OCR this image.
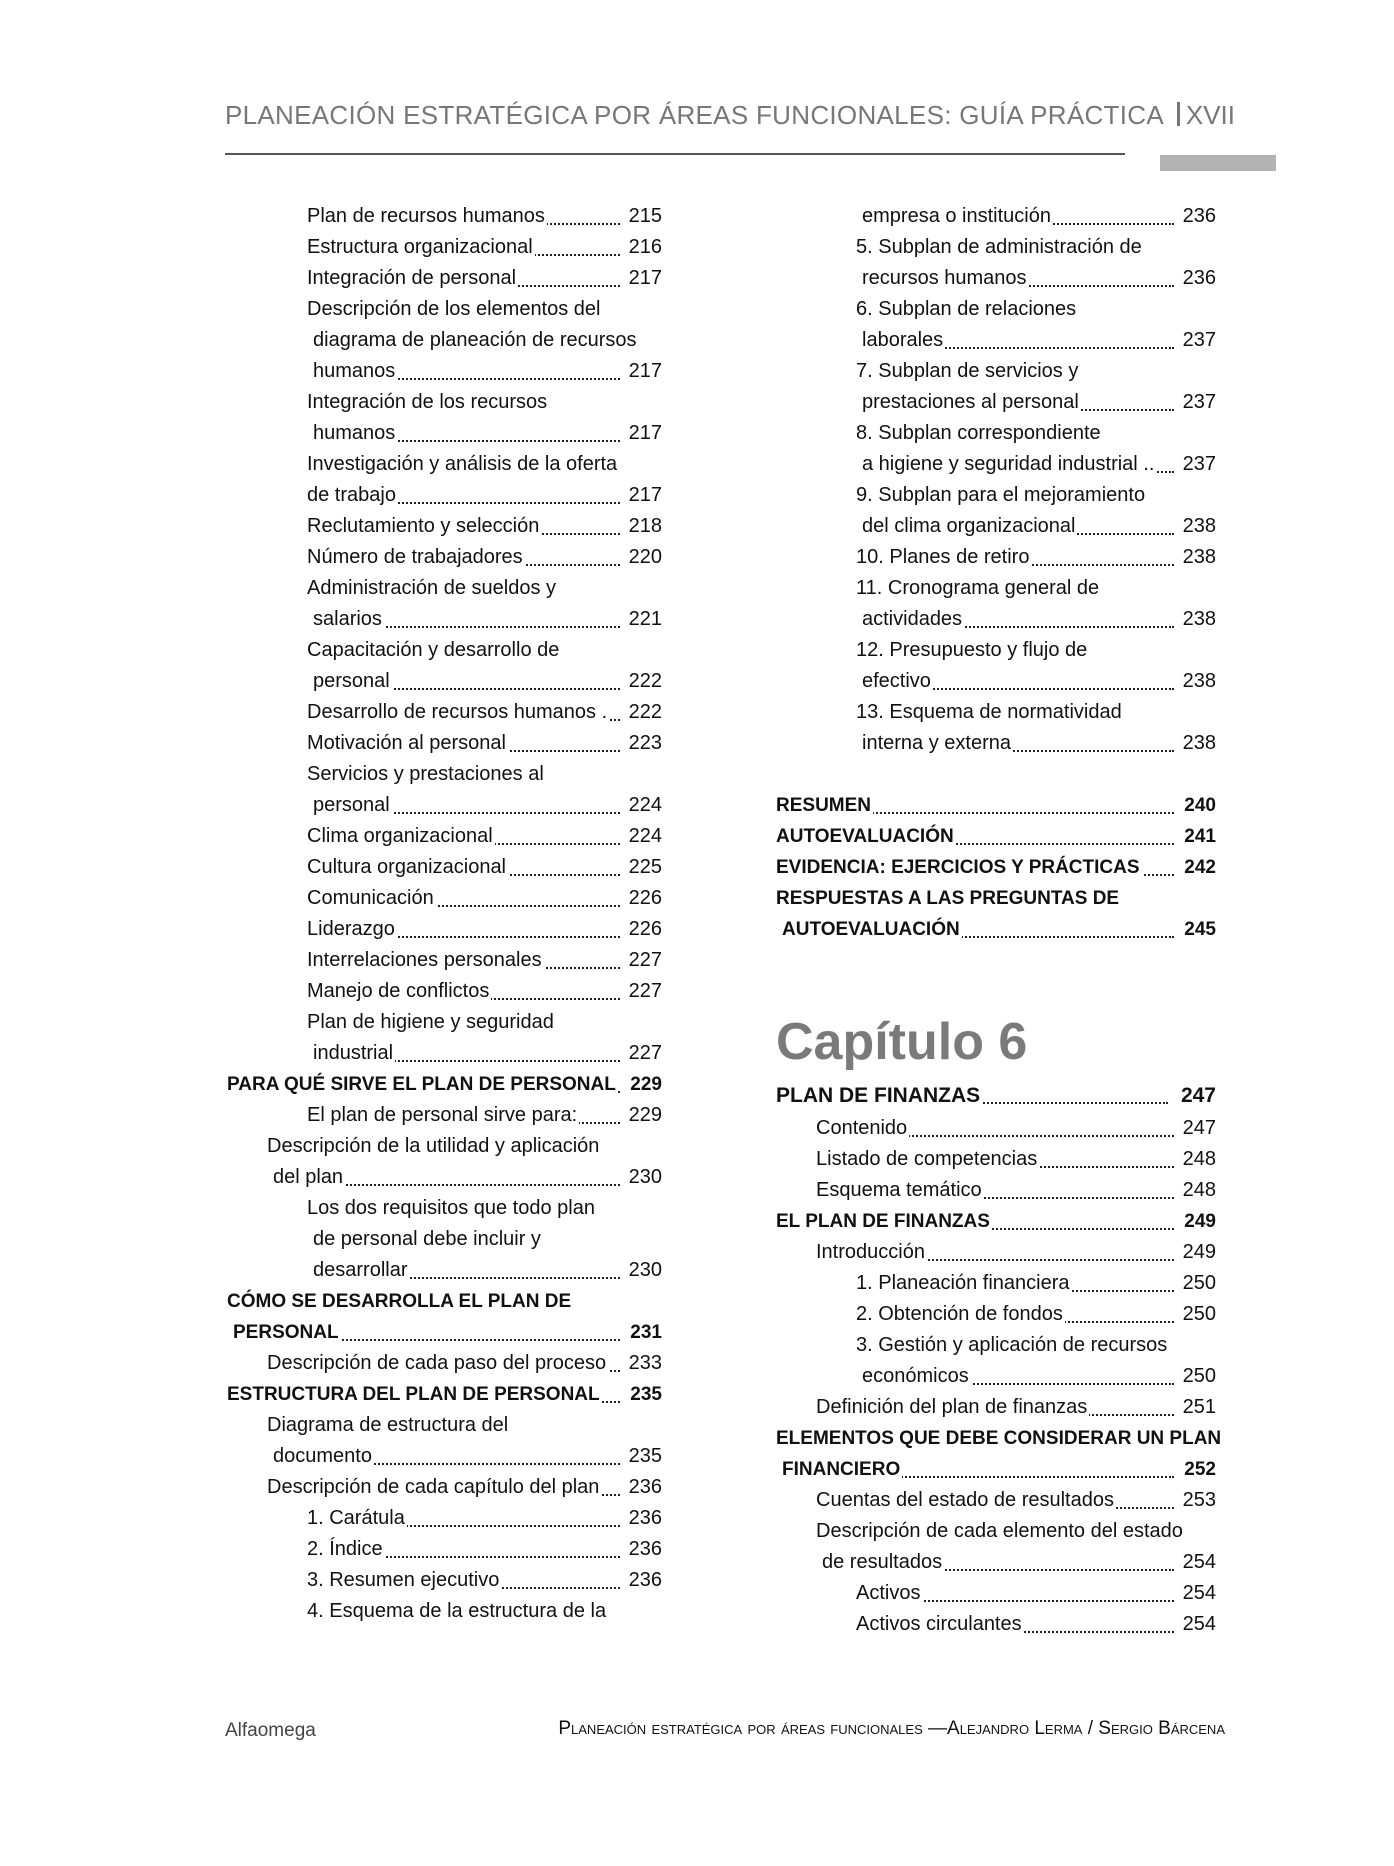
PLANEACIÓN ESTRATÉGICA POR ÁREAS FUNCIONALES: GUÍA PRÁCTICA XVII
Plan de recursos humanos	215
Estructura organizacional	216
Integración de personal	217
Descripción de los elementos del
diagrama de planeación de recursos
humanos	217
Integración de los recursos
humanos	217
Investigación y análisis de la oferta
de trabajo	217
Reclutamiento y selección	218
Número de trabajadores	220
Administración de sueldos y
salarios	221
Capacitación y desarrollo de
personal	222
Desarrollo de recursos humanos . 222
Motivación al personal	223
Servicios y prestaciones al
personal	224
Clima organizacional	224
Cultura organizacional	225
Comunicación	226
Liderazgo	226
Interrelaciones personales	227
Manejo de conflictos	227
Plan de higiene y seguridad
industrial	227
PARA QUÉ SIRVE EL PLAN DE PERSONAL 229
El plan de personal sirve para:	229
Descripción de la utilidad y aplicación
del plan	230
Los dos requisitos que todo plan
de personal debe incluir y
desarrollar	230
CÓMO SE DESARROLLA EL PLAN DE
PERSONAL	231
Descripción de cada paso del proceso 233
ESTRUCTURA DEL PLAN DE PERSONAL 235
Diagrama de estructura del
documento	235
Descripción de cada capítulo del plan 236
1. Carátula	236
2. Índice	236
3. Resumen ejecutivo	236
4. Esquema de la estructura de la
empresa o institución	236
5. Subplan de administración de
recursos humanos	236
6. Subplan de relaciones
laborales	237
7. Subplan de servicios y
prestaciones al personal	237
8. Subplan correspondiente
a higiene y seguridad industrial .. 237
9. Subplan para el mejoramiento
del clima organizacional	238
10. Planes de retiro	238
11. Cronograma general de
actividades	238
12. Presupuesto y flujo de
efectivo	238
13. Esquema de normatividad
interna y externa	238
RESUMEN	240
AUTOEVALUACIÓN	241
EVIDENCIA: EJERCICIOS Y PRÁCTICAS 242
RESPUESTAS A LAS PREGUNTAS DE
AUTOEVALUACIÓN	245
Capítulo 6
PLAN DE FINANZAS	247
Contenido	247
Listado de competencias	248
Esquema temático	248
EL PLAN DE FINANZAS	249
Introducción	249
1. Planeación financiera	250
2. Obtención de fondos	250
3. Gestión y aplicación de recursos
económicos	250
Definición del plan de finanzas	251
ELEMENTOS QUE DEBE CONSIDERAR UN PLAN
FINANCIERO	252
Cuentas del estado de resultados	253
Descripción de cada elemento del estado
de resultados	254
Activos	254
Activos circulantes	254
Alfaomega	Planeación estratégica por áreas funcionales —Alejandro Lerma / Sergio Bárcena
